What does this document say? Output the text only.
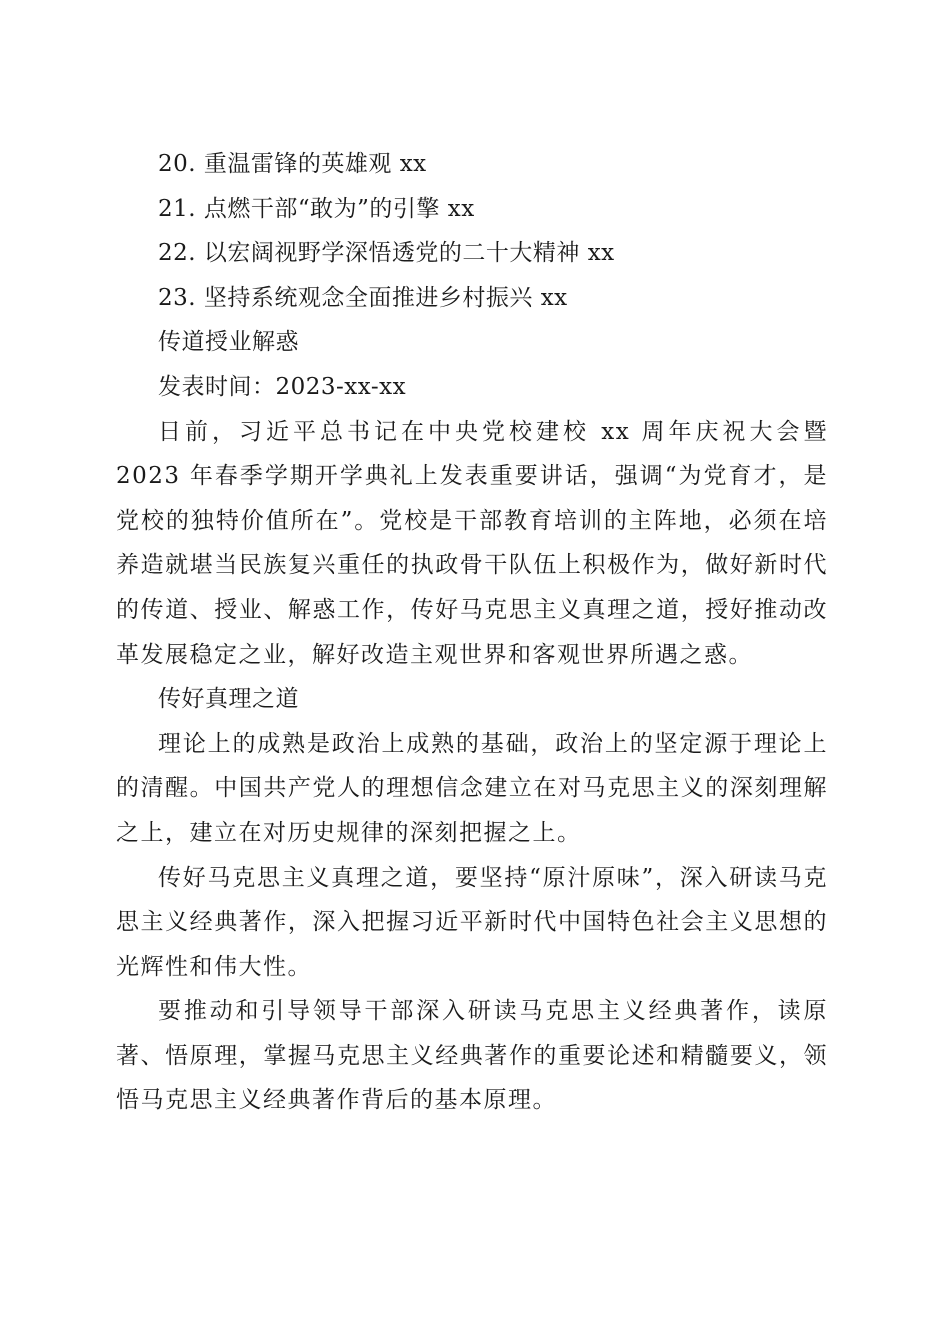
20. 重温雷锋的英雄观 xx

21. 点燃干部“敢为”的引擎 xx

22. 以宏阔视野学深悟透党的二十大精神 xx

23. 坚持系统观念全面推进乡村振兴 xx

传道授业解惑

发表时间：2023-xx-xx

日前，习近平总书记在中央党校建校 xx 周年庆祝大会暨 2023 年春季学期开学典礼上发表重要讲话，强调“为党育才，是党校的独特价值所在”。党校是干部教育培训的主阵地，必须在培养造就堪当民族复兴重任的执政骨干队伍上积极作为，做好新时代的传道、授业、解惑工作，传好马克思主义真理之道，授好推动改革发展稳定之业，解好改造主观世界和客观世界所遇之惑。

传好真理之道

理论上的成熟是政治上成熟的基础，政治上的坚定源于理论上的清醒。中国共产党人的理想信念建立在对马克思主义的深刻理解之上，建立在对历史规律的深刻把握之上。

传好马克思主义真理之道，要坚持“原汁原味”，深入研读马克思主义经典著作，深入把握习近平新时代中国特色社会主义思想的光辉性和伟大性。

要推动和引导领导干部深入研读马克思主义经典著作，读原著、悟原理，掌握马克思主义经典著作的重要论述和精髓要义，领悟马克思主义经典著作背后的基本原理。
